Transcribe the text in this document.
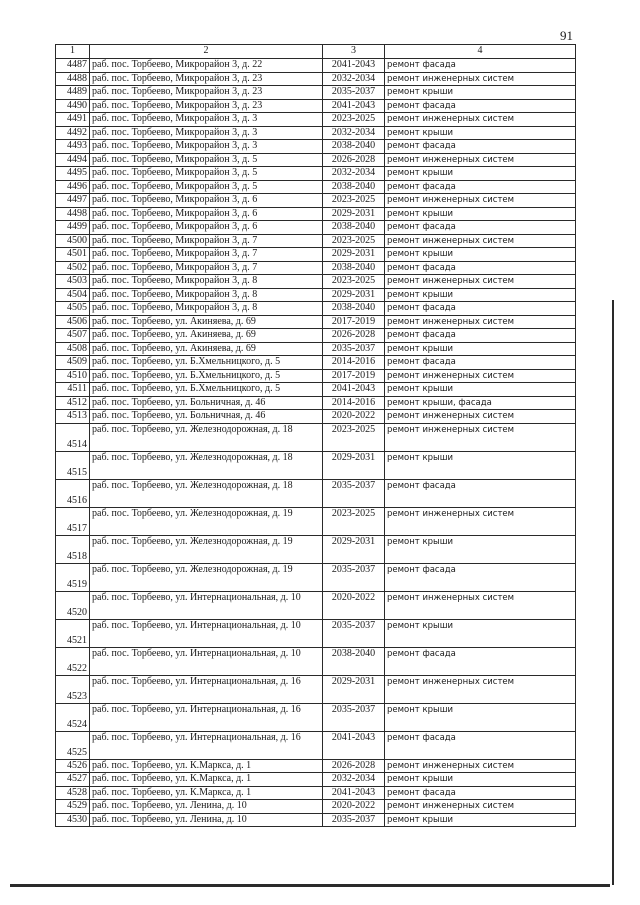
91
1	2	3	4
4487	раб. пос. Торбеево, Микрорайон 3, д. 22	2041-2043	ремонт фасада
4488	раб. пос. Торбеево, Микрорайон 3, д. 23	2032-2034	ремонт инженерных систем
4489	раб. пос. Торбеево, Микрорайон 3, д. 23	2035-2037	ремонт крыши
4490	раб. пос. Торбеево, Микрорайон 3, д. 23	2041-2043	ремонт фасада
4491	раб. пос. Торбеево, Микрорайон 3, д. 3	2023-2025	ремонт инженерных систем
4492	раб. пос. Торбеево, Микрорайон 3, д. 3	2032-2034	ремонт крыши
4493	раб. пос. Торбеево, Микрорайон 3, д. 3	2038-2040	ремонт фасада
4494	раб. пос. Торбеево, Микрорайон 3, д. 5	2026-2028	ремонт инженерных систем
4495	раб. пос. Торбеево, Микрорайон 3, д. 5	2032-2034	ремонт крыши
4496	раб. пос. Торбеево, Микрорайон 3, д. 5	2038-2040	ремонт фасада
4497	раб. пос. Торбеево, Микрорайон 3, д. 6	2023-2025	ремонт инженерных систем
4498	раб. пос. Торбеево, Микрорайон 3, д. 6	2029-2031	ремонт крыши
4499	раб. пос. Торбеево, Микрорайон 3, д. 6	2038-2040	ремонт фасада
4500	раб. пос. Торбеево, Микрорайон 3, д. 7	2023-2025	ремонт инженерных систем
4501	раб. пос. Торбеево, Микрорайон 3, д. 7	2029-2031	ремонт крыши
4502	раб. пос. Торбеево, Микрорайон 3, д. 7	2038-2040	ремонт фасада
4503	раб. пос. Торбеево, Микрорайон 3, д. 8	2023-2025	ремонт инженерных систем
4504	раб. пос. Торбеево, Микрорайон 3, д. 8	2029-2031	ремонт крыши
4505	раб. пос. Торбеево, Микрорайон 3, д. 8	2038-2040	ремонт фасада
4506	раб. пос. Торбеево, ул. Акиняева, д. 69	2017-2019	ремонт инженерных систем
4507	раб. пос. Торбеево, ул. Акиняева, д. 69	2026-2028	ремонт фасада
4508	раб. пос. Торбеево, ул. Акиняева, д. 69	2035-2037	ремонт крыши
4509	раб. пос. Торбеево, ул. Б.Хмельницкого, д. 5	2014-2016	ремонт фасада
4510	раб. пос. Торбеево, ул. Б.Хмельницкого, д. 5	2017-2019	ремонт инженерных систем
4511	раб. пос. Торбеево, ул. Б.Хмельницкого, д. 5	2041-2043	ремонт крыши
4512	раб. пос. Торбеево, ул. Больничная, д. 46	2014-2016	ремонт крыши, фасада
4513	раб. пос. Торбеево, ул. Больничная, д. 46	2020-2022	ремонт инженерных систем
4514	раб. пос. Торбеево, ул. Железнодорожная, д. 18	2023-2025	ремонт инженерных систем
4515	раб. пос. Торбеево, ул. Железнодорожная, д. 18	2029-2031	ремонт крыши
4516	раб. пос. Торбеево, ул. Железнодорожная, д. 18	2035-2037	ремонт фасада
4517	раб. пос. Торбеево, ул. Железнодорожная, д. 19	2023-2025	ремонт инженерных систем
4518	раб. пос. Торбеево, ул. Железнодорожная, д. 19	2029-2031	ремонт крыши
4519	раб. пос. Торбеево, ул. Железнодорожная, д. 19	2035-2037	ремонт фасада
4520	раб. пос. Торбеево, ул. Интернациональная, д. 10	2020-2022	ремонт инженерных систем
4521	раб. пос. Торбеево, ул. Интернациональная, д. 10	2035-2037	ремонт крыши
4522	раб. пос. Торбеево, ул. Интернациональная, д. 10	2038-2040	ремонт фасада
4523	раб. пос. Торбеево, ул. Интернациональная, д. 16	2029-2031	ремонт инженерных систем
4524	раб. пос. Торбеево, ул. Интернациональная, д. 16	2035-2037	ремонт крыши
4525	раб. пос. Торбеево, ул. Интернациональная, д. 16	2041-2043	ремонт фасада
4526	раб. пос. Торбеево, ул. К.Маркса, д. 1	2026-2028	ремонт инженерных систем
4527	раб. пос. Торбеево, ул. К.Маркса, д. 1	2032-2034	ремонт крыши
4528	раб. пос. Торбеево, ул. К.Маркса, д. 1	2041-2043	ремонт фасада
4529	раб. пос. Торбеево, ул. Ленина, д. 10	2020-2022	ремонт инженерных систем
4530	раб. пос. Торбеево, ул. Ленина, д. 10	2035-2037	ремонт крыши
